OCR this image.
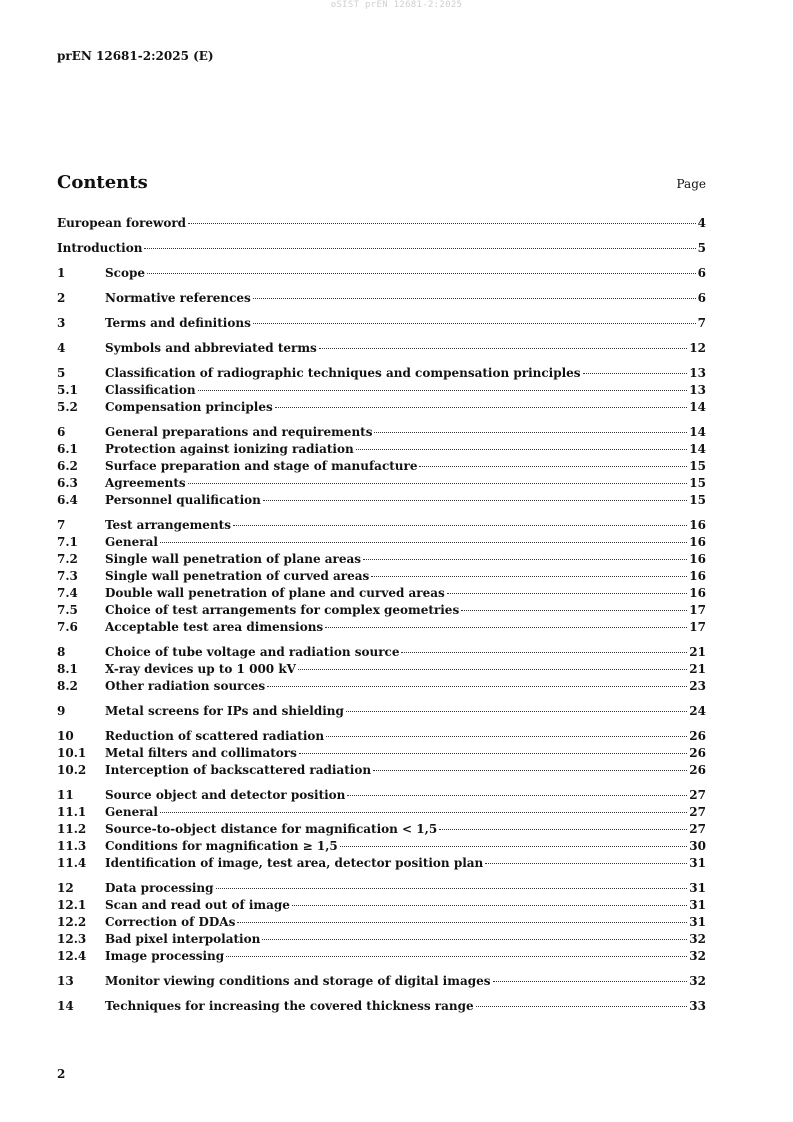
oSIST prEN 12681-2:2025
prEN 12681-2:2025 (E)
Contents	Page
European foreword	4
Introduction	5
1	Scope	6
2	Normative references	6
3	Terms and definitions	7
4	Symbols and abbreviated terms	12
5	Classification of radiographic techniques and compensation principles	13
5.1	Classification	13
5.2	Compensation principles	14
6	General preparations and requirements	14
6.1	Protection against ionizing radiation	14
6.2	Surface preparation and stage of manufacture	15
6.3	Agreements	15
6.4	Personnel qualification	15
7	Test arrangements	16
7.1	General	16
7.2	Single wall penetration of plane areas	16
7.3	Single wall penetration of curved areas	16
7.4	Double wall penetration of plane and curved areas	16
7.5	Choice of test arrangements for complex geometries	17
7.6	Acceptable test area dimensions	17
8	Choice of tube voltage and radiation source	21
8.1	X-ray devices up to 1 000 kV	21
8.2	Other radiation sources	23
9	Metal screens for IPs and shielding	24
10	Reduction of scattered radiation	26
10.1	Metal filters and collimators	26
10.2	Interception of backscattered radiation	26
11	Source object and detector position	27
11.1	General	27
11.2	Source-to-object distance for magnification < 1,5	27
11.3	Conditions for magnification ≥ 1,5	30
11.4	Identification of image, test area, detector position plan	31
12	Data processing	31
12.1	Scan and read out of image	31
12.2	Correction of DDAs	31
12.3	Bad pixel interpolation	32
12.4	Image processing	32
13	Monitor viewing conditions and storage of digital images	32
14	Techniques for increasing the covered thickness range	33
2
